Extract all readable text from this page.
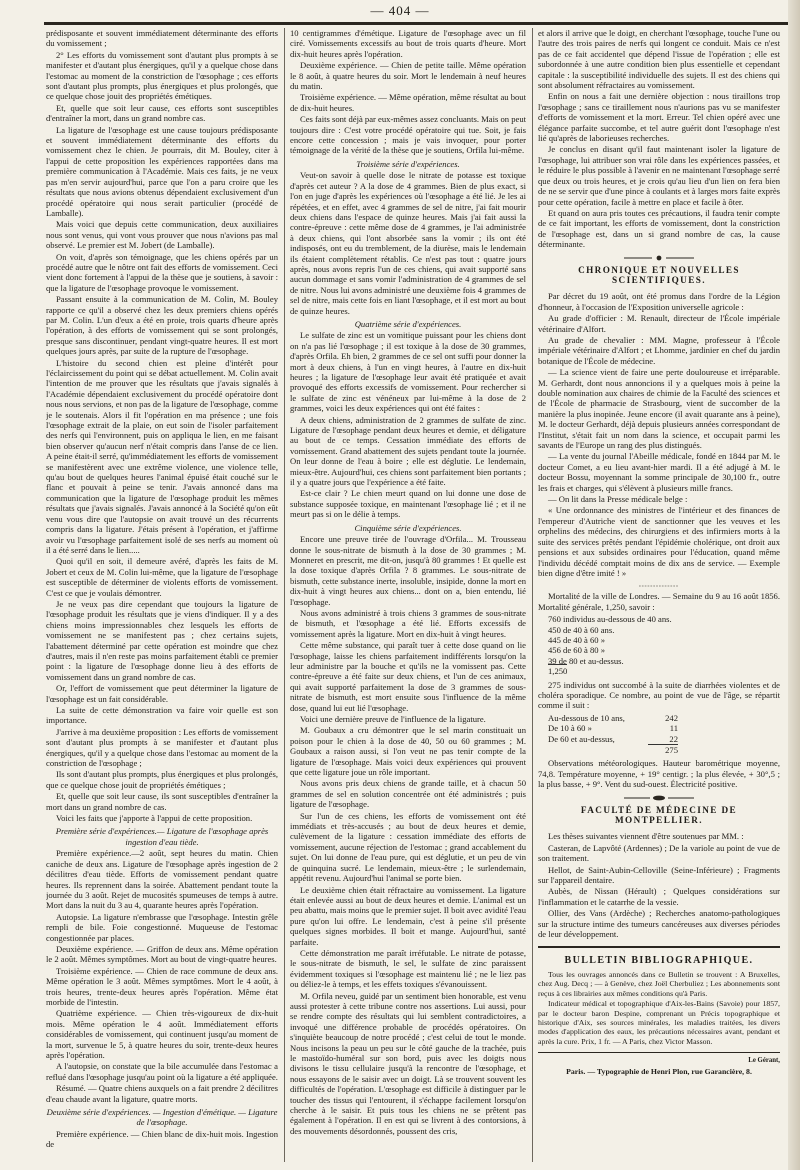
— 404 —

prédisposante et souvent immédiatement déterminante des efforts du vomissement ;

2° Les efforts du vomissement sont d'autant plus prompts à se manifester et d'autant plus énergiques, qu'il y a quelque chose dans l'estomac au moment de la constriction de l'œsophage ; ces efforts sont d'autant plus prompts, plus énergiques et plus prolongés, que ce quelque chose jouit des propriétés émétiques.

Et, quelle que soit leur cause, ces efforts sont susceptibles d'entraîner la mort, dans un grand nombre cas.

La ligature de l'œsophage est une cause toujours prédisposante et souvent immédiatement déterminante des efforts du vomissement chez le chien. Je pourrais, dit M. Bouley, citer à l'appui de cette proposition les expériences rapportées dans ma première communication à l'Académie. Mais ces faits, je ne veux pas m'en servir aujourd'hui, parce que l'on a paru croire que les résultats que nous avions obtenus dépendaient exclusivement d'un procédé opératoire qui nous serait particulier (procédé de Lamballe).

Mais voici que depuis cette communication, deux auxiliaires nous sont venus, qui vont vous prouver que nous n'avions pas mal observé. Le premier est M. Jobert (de Lamballe).

On voit, d'après son témoignage, que les chiens opérés par un procédé autre que le nôtre ont fait des efforts de vomissement. Ceci vient donc fortement à l'appui de la thèse que je soutiens, à savoir : que la ligature de l'œsophage provoque le vomissement.

Passant ensuite à la communication de M. Colin, M. Bouley rapporte ce qu'il a observé chez les deux premiers chiens opérés par M. Colin. L'un d'eux a été en proie, trois quarts d'heure après l'opération, à des efforts de vomissement qui se sont prolongés, presque sans discontinuer, pendant vingt-quatre heures. Il est mort quelques jours après, par suite de la rupture de l'œsophage.

L'histoire du second chien est pleine d'intérêt pour l'éclaircissement du point qui se débat actuellement. M. Colin avait l'intention de me prouver que les résultats que j'avais signalés à l'Académie dépendaient exclusivement du procédé opératoire dont nous nous servions, et non pas de la ligature de l'œsophage, comme je le soutenais. Alors il fit l'opération en ma présence ; une fois l'œsophage extrait de la plaie, on eut soin de l'isoler parfaitement des nerfs qui l'environnent, puis on appliqua le lien, en me faisant bien observer qu'aucun nerf n'était compris dans l'anse de ce lien. A peine était-il serré, qu'immédiatement les efforts de vomissement se manifestèrent avec une extrême violence, une violence telle, qu'au bout de quelques heures l'animal épuisé était couché sur le flanc et pouvait à peine se tenir. J'avais annoncé dans ma communication que la ligature de l'œsophage produit les mêmes résultats que j'avais signalés. J'avais annoncé à la Société qu'on eût venu vous dire que l'autopsie on avait trouvé un des récurrents compris dans la ligature. J'étais présent à l'opération, et j'affirme avoir vu l'œsophage parfaitement isolé de ses nerfs au moment où il a été serré dans le lien.....

Quoi qu'il en soit, il demeure avéré, d'après les faits de M. Jobert et ceux de M. Colin lui-même, que la ligature de l'œsophage est susceptible de déterminer de violents efforts de vomissement. C'est ce que je voulais démontrer.

Je ne veux pas dire cependant que toujours la ligature de l'œsophage produit les résultats que je viens d'indiquer. Il y a des chiens moins impressionnables chez lesquels les efforts de vomissement ne se manifestent pas ; chez certains sujets, l'abattement déterminé par cette opération est moindre que chez d'autres, mais il n'en reste pas moins parfaitement établi ce premier point : la ligature de l'œsophage donne lieu à des efforts de vomissement dans un grand nombre de cas.

Or, l'effort de vomissement que peut déterminer la ligature de l'œsophage est un fait considérable.

La suite de cette démonstration va faire voir quelle est son importance.

J'arrive à ma deuxième proposition : Les efforts de vomissement sont d'autant plus prompts à se manifester et d'autant plus énergiques, qu'il y a quelque chose dans l'estomac au moment de la constriction de l'œsophage ;

Ils sont d'autant plus prompts, plus énergiques et plus prolongés, que ce quelque chose jouit de propriétés émétiques ;

Et, quelle que soit leur cause, ils sont susceptibles d'entraîner la mort dans un grand nombre de cas.

Voici les faits que j'apporte à l'appui de cette proposition.

Première série d'expériences.— Ligature de l'œsophage après ingestion d'eau tiède.

Première expérience.—2 août, sept heures du matin. Chien caniche de deux ans. Ligature de l'œsophage après ingestion de 2 décilitres d'eau tiède. Efforts de vomissement pendant quatre heures. Ils reprennent dans la soirée. Abattement pendant toute la journée du 3 août. Rejet de mucosités spumeuses de temps à autre. Mort dans la nuit du 3 au 4, quarante heures après l'opération.

Autopsie. La ligature n'embrasse que l'œsophage. Intestin grêle rempli de bile. Foie congestionné. Muqueuse de l'estomac congestionnée par places.

Deuxième expérience. — Griffon de deux ans. Même opération le 2 août. Mêmes symptômes. Mort au bout de vingt-quatre heures.

Troisième expérience. — Chien de race commune de deux ans. Même opération le 3 août. Mêmes symptômes. Mort le 4 août, à trois heures, trente-deux heures après l'opération. Même état morbide de l'intestin.

Quatrième expérience. — Chien très-vigoureux de dix-huit mois. Même opération le 4 août. Immédiatement efforts considérables de vomissement, qui continuent jusqu'au moment de la mort, survenue le 5, à quatre heures du soir, trente-deux heures après l'opération.

A l'autopsie, on constate que la bile accumulée dans l'estomac a reflué dans l'œsophage jusqu'au point où la ligature a été appliquée.

Résumé. — Quatre chiens auxquels on a fait prendre 2 décilitres d'eau chaude avant la ligature, quatre morts.

Deuxième série d'expériences. — Ingestion d'émétique. — Ligature de l'œsophage.

Première expérience. — Chien blanc de dix-huit mois. Ingestion de

10 centigrammes d'émétique. Ligature de l'œsophage avec un fil ciré. Vomissements excessifs au bout de trois quarts d'heure. Mort dix-huit heures après l'opération.

Deuxième expérience. — Chien de petite taille. Même opération le 8 août, à quatre heures du soir. Mort le lendemain à neuf heures du matin.

Troisième expérience. — Même opération, même résultat au bout de dix-huit heures.

Ces faits sont déjà par eux-mêmes assez concluants. Mais on peut toujours dire : C'est votre procédé opératoire qui tue. Soit, je fais encore cette concession ; mais je vais invoquer, pour porter témoignage de la vérité de la thèse que je soutiens, Orfila lui-même.

Troisième série d'expériences.

Veut-on savoir à quelle dose le nitrate de potasse est toxique d'après cet auteur ? A la dose de 4 grammes. Bien de plus exact, si l'on en juge d'après les expériences où l'œsophage a été lié. Je les ai répétées, et en effet, avec 4 grammes de sel de nitre, j'ai fait mourir deux chiens dans l'espace de quinze heures. Mais j'ai fait aussi la contre-épreuve : cette même dose de 4 grammes, je l'ai administrée à deux chiens, qui l'ont absorbée sans la vomir ; ils ont été indisposés, ont eu du tremblement, de la diurèse, mais le lendemain ils étaient complètement rétablis. Ce n'est pas tout : quatre jours après, nous avons repris l'un de ces chiens, qui avait supporté sans aucun dommage et sans vomir l'administration de 4 grammes de sel de nitre. Nous lui avons administré une deuxième fois 4 grammes de sel de nitre, mais cette fois en liant l'œsophage, et il est mort au bout de quinze heures.

Quatrième série d'expériences.

Le sulfate de zinc est un vomitique puissant pour les chiens dont on n'a pas lié l'œsophage ; il est toxique à la dose de 30 grammes, d'après Orfila. Eh bien, 2 grammes de ce sel ont suffi pour donner la mort à deux chiens, à l'un en vingt heures, à l'autre en dix-huit heures ; la ligature de l'œsophage leur avait été pratiquée et avait provoqué des efforts excessifs de vomissement. Pour rechercher si le sulfate de zinc est vénéneux par lui-même à la dose de 2 grammes, voici les deux expériences qui ont été faites :

A deux chiens, administration de 2 grammes de sulfate de zinc. Ligature de l'œsophage pendant deux heures et demie, et déligature au bout de ce temps. Cessation immédiate des efforts de vomissement. Grand abattement des sujets pendant toute la journée. On leur donne de l'eau à boire ; elle est déglutie. Le lendemain, mieux-être. Aujourd'hui, ces chiens sont parfaitement bien portants ; il y a quatre jours que l'expérience a été faite.

Est-ce clair ? Le chien meurt quand on lui donne une dose de substance supposée toxique, en maintenant l'œsophage lié ; et il ne meurt pas si on le délie à temps.

Cinquième série d'expériences.

Encore une preuve tirée de l'ouvrage d'Orfila... M. Trousseau donne le sous-nitrate de bismuth à la dose de 30 grammes ; M. Monneret en prescrit, me dit-on, jusqu'à 80 grammes ! Et quelle est la dose toxique d'après Orfila ? 8 grammes. Le sous-nitrate de bismuth, cette substance inerte, insoluble, insipide, donne la mort en dix-huit à vingt heures aux chiens... dont on a, bien entendu, lié l'œsophage.

Nous avons administré à trois chiens 3 grammes de sous-nitrate de bismuth, et l'œsophage a été lié. Efforts excessifs de vomissement après la ligature. Mort en dix-huit à vingt heures.

Cette même substance, qui paraît tuer à cette dose quand on lie l'œsophage, laisse les chiens parfaitement indifférents lorsqu'on la leur administre par la bouche et qu'ils ne la vomissent pas. Cette contre-épreuve a été faite sur deux chiens, et l'un de ces animaux, qui avait supporté parfaitement la dose de 3 grammes de sous-nitrate de bismuth, est mort ensuite sous l'influence de la même dose, quand lui eut lié l'œsophage.

Voici une dernière preuve de l'influence de la ligature.

M. Goubaux a cru démontrer que le sel marin constituait un poison pour le chien à la dose de 40, 50 ou 60 grammes ; M. Goubaux a raison aussi, si l'on veut ne pas tenir compte de la ligature de l'œsophage. Mais voici deux expériences qui prouvent que cette ligature joue un rôle important.

Nous avons pris deux chiens de grande taille, et à chacun 50 grammes de sel en solution concentrée ont été administrés ; puis ligature de l'œsophage.

Sur l'un de ces chiens, les efforts de vomissement ont été immédiats et très-accusés ; au bout de deux heures et demie, culèvement de la ligature : cessation immédiate des efforts de vomissement, aucune réjection de l'estomac ; grand accablement du sujet. On lui donne de l'eau pure, qui est déglutie, et un peu de vin de quinquina sucré. Le lendemain, mieux-être ; le surlendemain, appétit revenu. Aujourd'hui l'animal se porte bien.

Le deuxième chien était réfractaire au vomissement. La ligature était enlevée aussi au bout de deux heures et demie. L'animal est un peu abattu, mais moins que le premier sujet. Il boit avec avidité l'eau pure qu'on lui offre. Le lendemain, c'est à peine s'il présente quelques signes morbides. Il boit et mange. Aujourd'hui, santé parfaite.

Cette démonstration me paraît irréfutable. Le nitrate de potasse, le sous-nitrate de bismuth, le sel, le sulfate de zinc paraissent évidemment toxiques si l'œsophage est maintenu lié ; ne le liez pas ou déliez-le à temps, et les effets toxiques s'évanouissent.

M. Orfila neveu, guidé par un sentiment bien honorable, est venu aussi protester à cette tribune contre nos assertions. Lui aussi, pour se rendre compte des résultats qui lui semblent contradictoires, a invoqué une différence probable de procédés opératoires. On s'inquiète beaucoup de notre procédé ; c'est celui de tout le monde. Nous incisons la peau un peu sur le côté gauche de la trachée, puis le mastoïdo-huméral sur son bord, puis avec les doigts nous divisons le tissu cellulaire jusqu'à la rencontre de l'œsophage, et nous essayons de le saisir avec un doigt. Là se trouvent souvent les difficultés de l'opération. L'œsophage est difficile à distinguer par le toucher des tissus qui l'entourent, il s'échappe facilement lorsqu'on cherche à le saisir. Et puis tous les chiens ne se prêtent pas également à l'opération. Il en est qui se livrent à des contorsions, à des mouvements désordonnés, poussent des cris,

et alors il arrive que le doigt, en cherchant l'œsophage, touche l'une ou l'autre des trois paires de nerfs qui longent ce conduit. Mais ce n'est pas de ce fait accidentel que dépend l'issue de l'opération ; elle est subordonnée à une autre condition bien plus essentielle et cependant capitale : la susceptibilité individuelle des sujets. Il est des chiens qui sont absolument réfractaires au vomissement.

Enfin on nous a fait une dernière objection : nous tiraillons trop l'œsophage ; sans ce tiraillement nous n'aurions pas vu se manifester d'efforts de vomissement et la mort. Erreur. Tel chien opéré avec une élégance parfaite succombe, et tel autre guérit dont l'œsophage n'est lié qu'après de laborieuses recherches.

Je conclus en disant qu'il faut maintenant isoler la ligature de l'œsophage, lui attribuer son vrai rôle dans les expériences passées, et le réduire le plus possible à l'avenir en ne maintenant l'œsophage serré que deux ou trois heures, et je crois qu'au lieu d'un lien on fera bien de ne se servir que d'une pince à coulants et à larges mors faite exprès pour cette opération, facile à mettre en place et facile à ôter.

Et quand on aura pris toutes ces précautions, il faudra tenir compte de ce fait important, les efforts de vomissement, dont la constriction de l'œsophage est, dans un si grand nombre de cas, la cause déterminante.

CHRONIQUE ET NOUVELLES SCIENTIFIQUES.

Par décret du 19 août, ont été promus dans l'ordre de la Légion d'honneur, à l'occasion de l'Exposition universelle agricole :

Au grade d'officier : M. Renault, directeur de l'École impériale vétérinaire d'Alfort.

Au grade de chevalier : MM. Magne, professeur à l'École impériale vétérinaire d'Alfort ; et Lhomme, jardinier en chef du jardin botanique de l'École de médecine.

— La science vient de faire une perte douloureuse et irréparable. M. Gerhardt, dont nous annoncions il y a quelques mois à peine la double nomination aux chaires de chimie de la Faculté des sciences et de l'École de pharmacie de Strasbourg, vient de succomber de la manière la plus inopinée. Jeune encore (il avait quarante ans à peine), M. le docteur Gerhardt, déjà depuis plusieurs années correspondant de l'Institut, s'était fait un nom dans la science, et occupait parmi les savants de l'Europe un rang des plus distingués.

— La vente du journal l'Abeille médicale, fondé en 1844 par M. le docteur Comet, a eu lieu avant-hier mardi. Il a été adjugé à M. le docteur Bossu, moyennant la somme principale de 30,100 fr., outre les frais et charges, qui s'élèvent à plusieurs mille francs.

— On lit dans la Presse médicale belge :

« Une ordonnance des ministres de l'intérieur et des finances de l'empereur d'Autriche vient de sanctionner que les veuves et les orphelins des médecins, des chirurgiens et des infirmiers morts à la suite des services prêtés pendant l'épidémie cholérique, ont droit aux pensions et aux subsides ordinaires pour l'éducation, quand même l'individu décédé comptait moins de dix ans de service. — Exemple bien digne d'être imité ! »

Mortalité de la ville de Londres. — Semaine du 9 au 16 août 1856. Mortalité générale, 1,250, savoir :

760 individus au-dessous de 40 ans.
450 de 40 à 60 ans.
445 de 40 à 60 »
456 de 60 à 80 »
39 de 80 et au-dessus.
1,250

275 individus ont succombé à la suite de diarrhées violentes et de choléra sporadique. Ce nombre, au point de vue de l'âge, se répartit comme il suit :

Au-dessous de 10 ans,	242
De 10 à 60 »	11
De 60 et au-dessus,	22
275

Observations météorologiques. Hauteur barométrique moyenne, 74,8. Température moyenne, + 19° centigr. ; la plus élevée, + 30°,5 ; la plus basse, + 9°. Vent du sud-ouest. Électricité positive.

FACULTÉ DE MÉDECINE DE MONTPELLIER.

Les thèses suivantes viennent d'être soutenues par MM. :

Casteran, de Lapvôté (Ardennes) ; De la variole au point de vue de son traitement.

Hellot, de Saint-Aubin-Celloville (Seine-Inférieure) ; Fragments sur l'appareil dentaire.

Aubès, de Nissan (Hérault) ; Quelques considérations sur l'inflammation et le catarrhe de la vessie.

Ollier, des Vans (Ardèche) ; Recherches anatomo-pathologiques sur la structure intime des tumeurs cancéreuses aux diverses périodes de leur développement.

BULLETIN BIBLIOGRAPHIQUE.

Tous les ouvrages annoncés dans ce Bulletin se trouvent : A Bruxelles, chez Aug. Decq ; — à Genève, chez Joël Cherbuliez ; Les abonnements sont reçus à ces librairies aux mêmes conditions qu'à Paris.

Indicateur médical et topographique d'Aix-les-Bains (Savoie) pour 1857, par le docteur baron Despine, comprenant un Précis topographique et historique d'Aix, ses sources minérales, les maladies traitées, les divers modes d'application des eaux, les précautions nécessaires avant, pendant et après la cure. Prix, 1 fr. — A Paris, chez Victor Masson.

Le Gérant,
Paris. — Typographie de Henri Plon, rue Garancière, 8.
